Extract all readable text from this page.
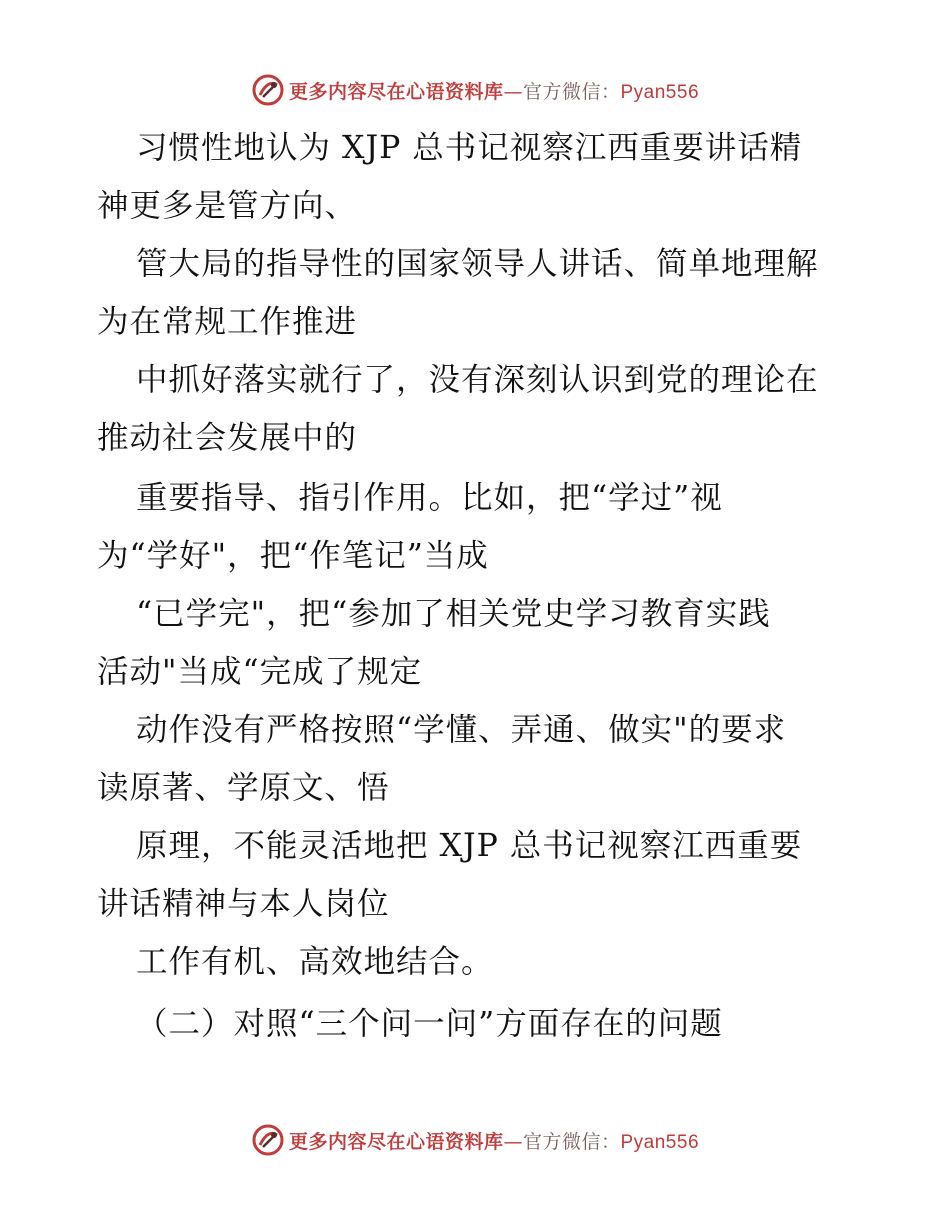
更多内容尽在心语资料库—官方微信：Pyan556
习惯性地认为 XJP 总书记视察江西重要讲话精
神更多是管方向、
管大局的指导性的国家领导人讲话、简单地理解
为在常规工作推进
中抓好落实就行了，没有深刻认识到党的理论在
推动社会发展中的
重要指导、指引作用。比如，把“学过”视
为“学好"，把“作笔记”当成
“已学完"，把“参加了相关党史学习教育实践
活动"当成“完成了规定
动作没有严格按照“学懂、弄通、做实"的要求
读原著、学原文、悟
原理，不能灵活地把 XJP 总书记视察江西重要
讲话精神与本人岗位
工作有机、高效地结合。
（二）对照“三个问一问”方面存在的问题
更多内容尽在心语资料库—官方微信：Pyan556
